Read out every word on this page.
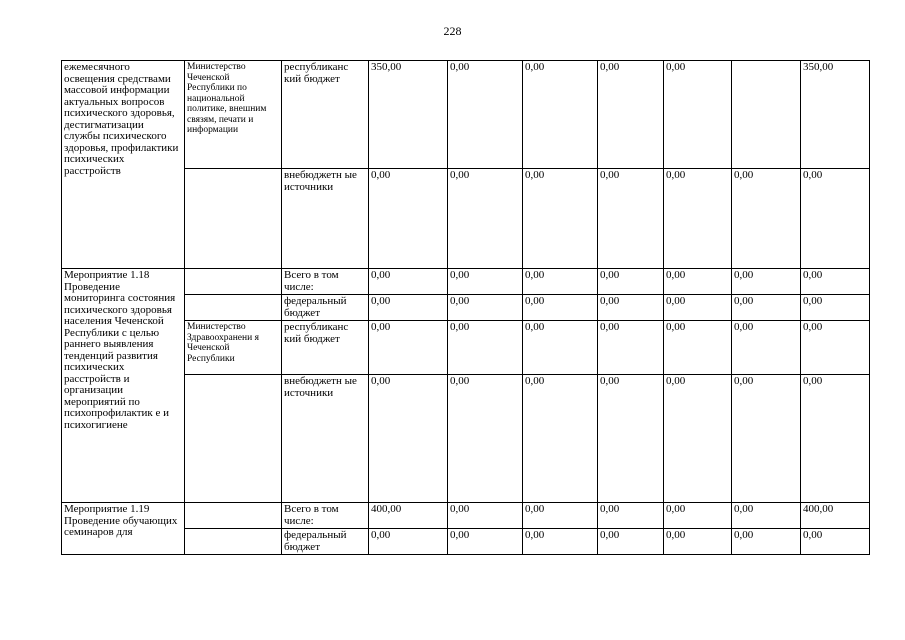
228
ежемесячного освещения средствами массовой информации актуальных вопросов психического здоровья, дестигматизации службы психического здоровья, профилактики психических расстройств	Министерство Чеченской Республики по национальной политике, внешним связям, печати и информации	республиканс кий бюджет	350,00	0,00	0,00	0,00	0,00		350,00
		внебюджетн ые источники	0,00	0,00	0,00	0,00	0,00	0,00	0,00
Мероприятие 1.18 Проведение мониторинга состояния психического здоровья населения Чеченской Республики с целью раннего выявления тенденций развития психических расстройств и организации мероприятий по психопрофилактик е и психогигиене		Всего в том числе:	0,00	0,00	0,00	0,00	0,00	0,00	0,00
		федеральный бюджет	0,00	0,00	0,00	0,00	0,00	0,00	0,00
	Министерство Здравоохранени я Чеченской Республики	республиканс кий бюджет	0,00	0,00	0,00	0,00	0,00	0,00	0,00
		внебюджетн ые источники	0,00	0,00	0,00	0,00	0,00	0,00	0,00
Мероприятие 1.19 Проведение обучающих семинаров для		Всего в том числе:	400,00	0,00	0,00	0,00	0,00	0,00	400,00
		федеральный бюджет	0,00	0,00	0,00	0,00	0,00	0,00	0,00
